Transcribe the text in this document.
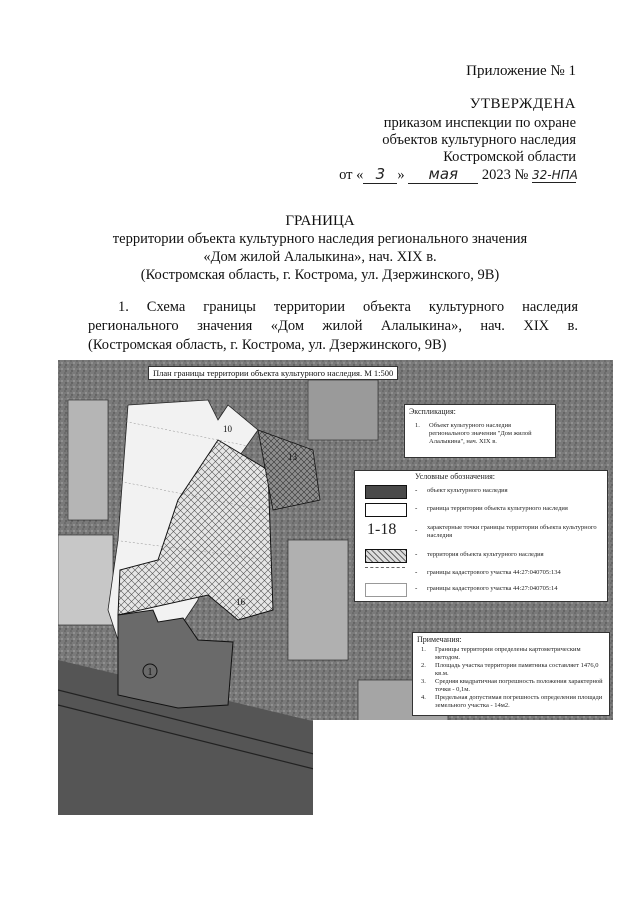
Приложение № 1
УТВЕРЖДЕНА
приказом инспекции по охране
объектов культурного наследия
Костромской области
от « 3 » мая 2023 № 32-НПА
ГРАНИЦА
территории объекта культурного наследия регионального значения
«Дом жилой Алалыкина», нач. XIX в.
(Костромская область, г. Кострома, ул. Дзержинского, 9В)
1. Схема границы территории объекта культурного наследия
регионального значения «Дом жилой Алалыкина», нач. XIX в.
(Костромская область, г. Кострома, ул. Дзержинского, 9В)
1
10
13
16
План границы территории объекта культурного наследия. М 1:500
Экспликация:
1. Объект культурного наследия регионального значения "Дом жилой Алалыкина", нач. XIX в.
Условные обозначения:
- объект культурного наследия
- граница территории объекта культурного наследия
1-18	- характерные точки границы территории объекта культурного наследия
- территория объекта культурного наследия
- границы кадастрового участка 44:27:040705:134
- границы кадастрового участка 44:27:040705:14
Примечания:
1. Границы территории определены картометрическим методом.
2. Площадь участка территории памятника составляет 1476,0 кв.м.
3. Средняя квадратичная погрешность положения характерной точки - 0,1м.
4. Предельная допустимая погрешность определения площади земельного участка - 14м2.
